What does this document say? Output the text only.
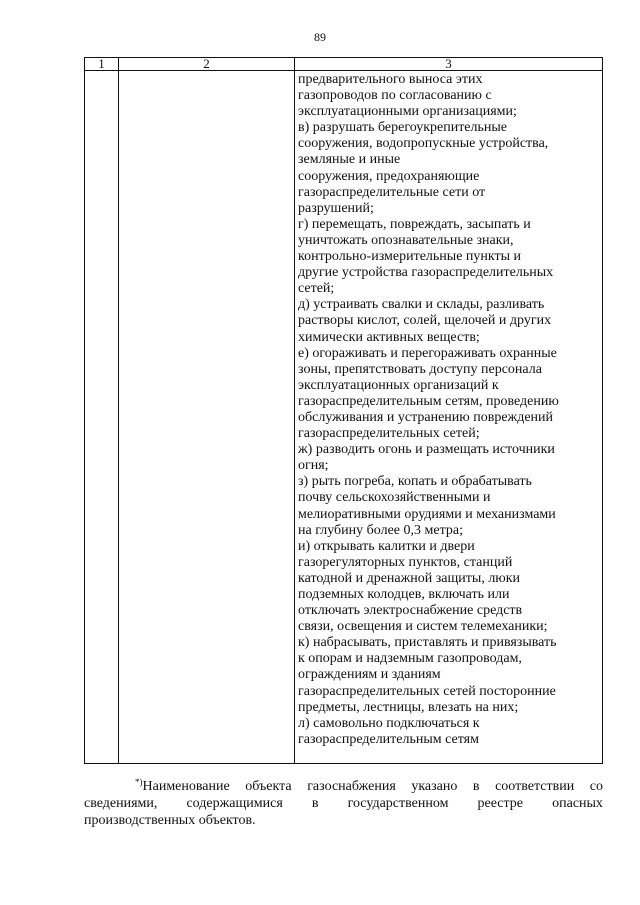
89
1	2	3
предварительного выноса этих
газопроводов по согласованию с
эксплуатационными организациями;
в) разрушать берегоукрепительные
сооружения, водопропускные устройства,
земляные и иные
сооружения, предохраняющие
газораспределительные сети от
разрушений;
г) перемещать, повреждать, засыпать и
уничтожать опознавательные знаки,
контрольно-измерительные пункты и
другие устройства газораспределительных
сетей;
д) устраивать свалки и склады, разливать
растворы кислот, солей, щелочей и других
химически активных веществ;
е) огораживать и перегораживать охранные
зоны, препятствовать доступу персонала
эксплуатационных организаций к
газораспределительным сетям, проведению
обслуживания и устранению повреждений
газораспределительных сетей;
ж) разводить огонь и размещать источники
огня;
з) рыть погреба, копать и обрабатывать
почву сельскохозяйственными и
мелиоративными орудиями и механизмами
на глубину более 0,3 метра;
и) открывать калитки и двери
газорегуляторных пунктов, станций
катодной и дренажной защиты, люки
подземных колодцев, включать или
отключать электроснабжение средств
связи, освещения и систем телемеханики;
к) набрасывать, приставлять и привязывать
к опорам и надземным газопроводам,
ограждениям и зданиям
газораспределительных сетей посторонние
предметы, лестницы, влезать на них;
л) самовольно подключаться к
газораспределительным сетям
*)Наименование объекта газоснабжения указано в соответствии со
сведениями, содержащимися в государственном реестре опасных
производственных объектов.
